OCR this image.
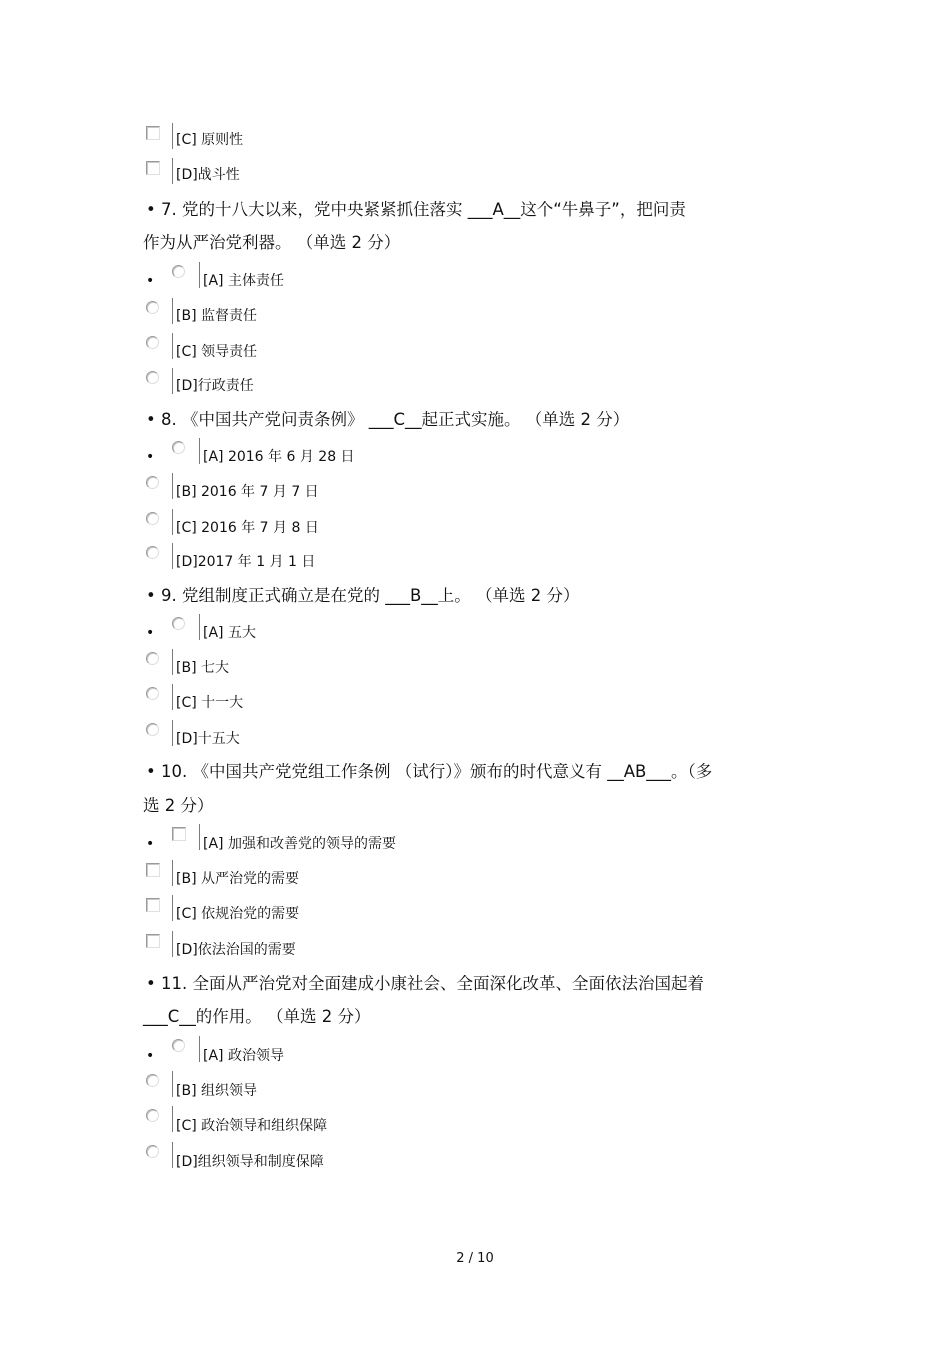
[C] 原则性
[D]战斗性
• 7. 党的十八大以来，党中央紧紧抓住落实 ___A__这个“牛鼻子”，把问责
作为从严治党利器。 （单选 2 分）
•	[A] 主体责任
[B] 监督责任
[C] 领导责任
[D]行政责任
• 8. 《中国共产党问责条例》 ___C__起正式实施。 （单选 2 分）
•	[A] 2016 年 6 月 28 日
[B] 2016 年 7 月 7 日
[C] 2016 年 7 月 8 日
[D]2017 年 1 月 1 日
• 9. 党组制度正式确立是在党的 ___B__上。 （单选 2 分）
•	[A] 五大
[B] 七大
[C] 十一大
[D]十五大
• 10. 《中国共产党党组工作条例 （试行）》颁布的时代意义有 __AB___。（多
选 2 分）
•	[A] 加强和改善党的领导的需要
[B] 从严治党的需要
[C] 依规治党的需要
[D]依法治国的需要
• 11. 全面从严治党对全面建成小康社会、全面深化改革、全面依法治国起着
___C__的作用。 （单选 2 分）
•	[A] 政治领导
[B] 组织领导
[C] 政治领导和组织保障
[D]组织领导和制度保障
2 / 10
